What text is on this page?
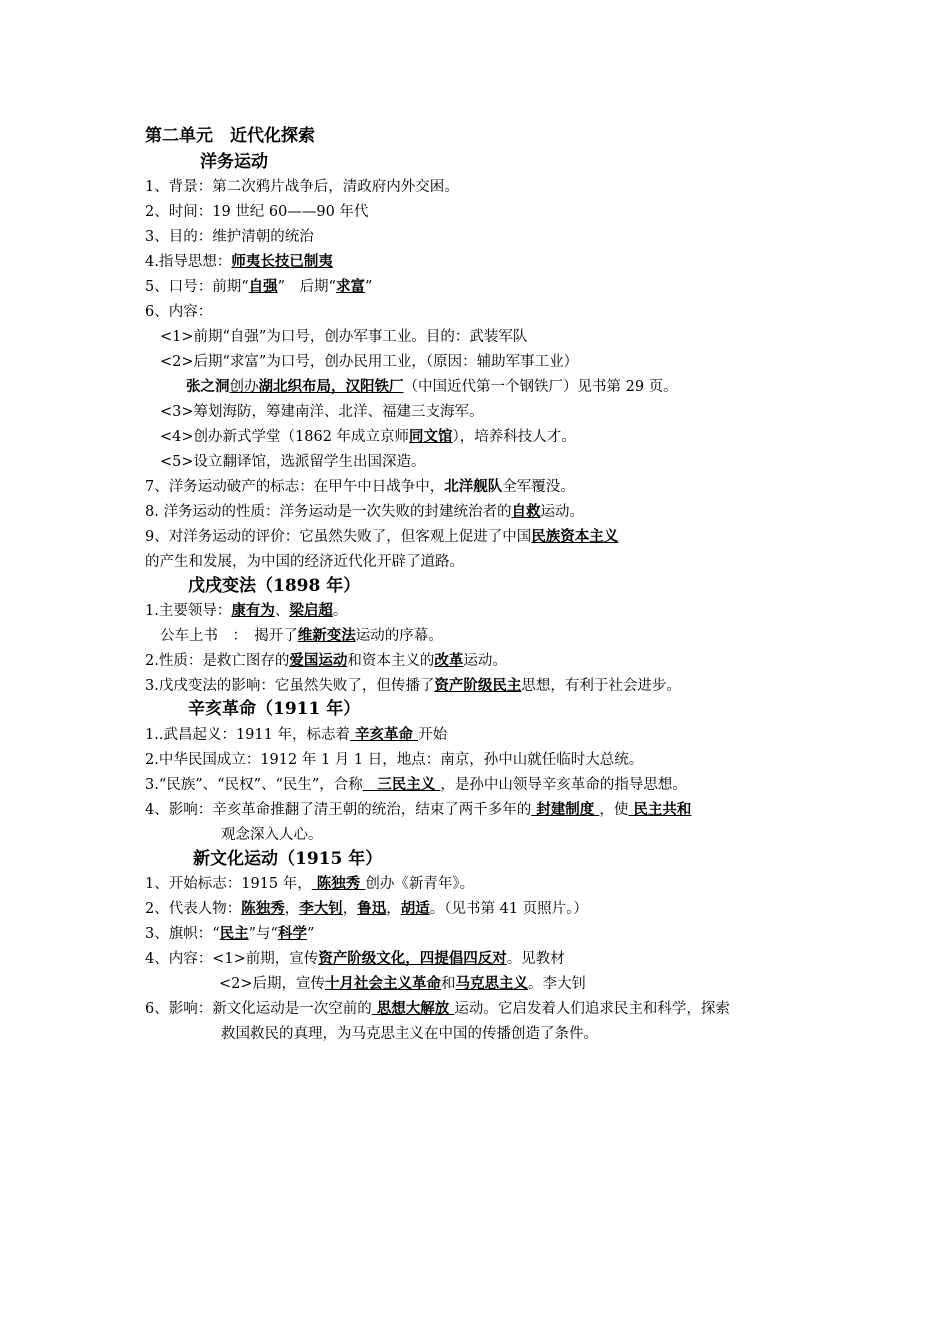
第二单元　近代化探索
洋务运动
1、背景：第二次鸦片战争后，清政府内外交困。
2、时间：19 世纪 60——90 年代
3、目的：维护清朝的统治
4.指导思想：师夷长技已制夷
5、口号：前期“自强”　后期“求富”
6、内容：
<1>前期“自强”为口号，创办军事工业。目的：武装军队
<2>后期“求富”为口号，创办民用工业，（原因：辅助军事工业）
张之洞创办湖北织布局，汉阳铁厂（中国近代第一个钢铁厂）见书第 29 页。
<3>筹划海防，筹建南洋、北洋、福建三支海军。
<4>创办新式学堂（1862 年成立京师同文馆），培养科技人才。
<5>设立翻译馆，选派留学生出国深造。
7、洋务运动破产的标志：在甲午中日战争中，北洋舰队全军覆没。
8. 洋务运动的性质：洋务运动是一次失败的封建统治者的自救运动。
9、对洋务运动的评价：它虽然失败了，但客观上促进了中国民族资本主义
的产生和发展，为中国的经济近代化开辟了道路。
戊戌变法（1898 年）
1.主要领导：康有为、梁启超。
公车上书　：　揭开了维新变法运动的序幕。
2.性质：是救亡图存的爱国运动和资本主义的改革运动。
3.戊戌变法的影响：它虽然失败了，但传播了资产阶级民主思想，有利于社会进步。
辛亥革命（1911 年）
1..武昌起义：1911 年，标志着 辛亥革命 开始
2.中华民国成立：1912 年 1 月 1 日，地点：南京，孙中山就任临时大总统。
3.“民族”、“民权”、“民生”，合称　三民主义 ，是孙中山领导辛亥革命的指导思想。
4、影响：辛亥革命推翻了清王朝的统治，结束了两千多年的 封建制度 ，使 民主共和
观念深入人心。
新文化运动（1915 年）
1、开始标志：1915 年， 陈独秀 创办《新青年》。
2、代表人物：陈独秀，李大钊，鲁迅，胡适。（见书第 41 页照片。）
3、旗帜：“民主”与“科学”
4、内容：<1>前期，宣传资产阶级文化，四提倡四反对。见教材
<2>后期，宣传十月社会主义革命和马克思主义。李大钊
6、影响：新文化运动是一次空前的 思想大解放 运动。它启发着人们追求民主和科学，探索
救国救民的真理，为马克思主义在中国的传播创造了条件。
